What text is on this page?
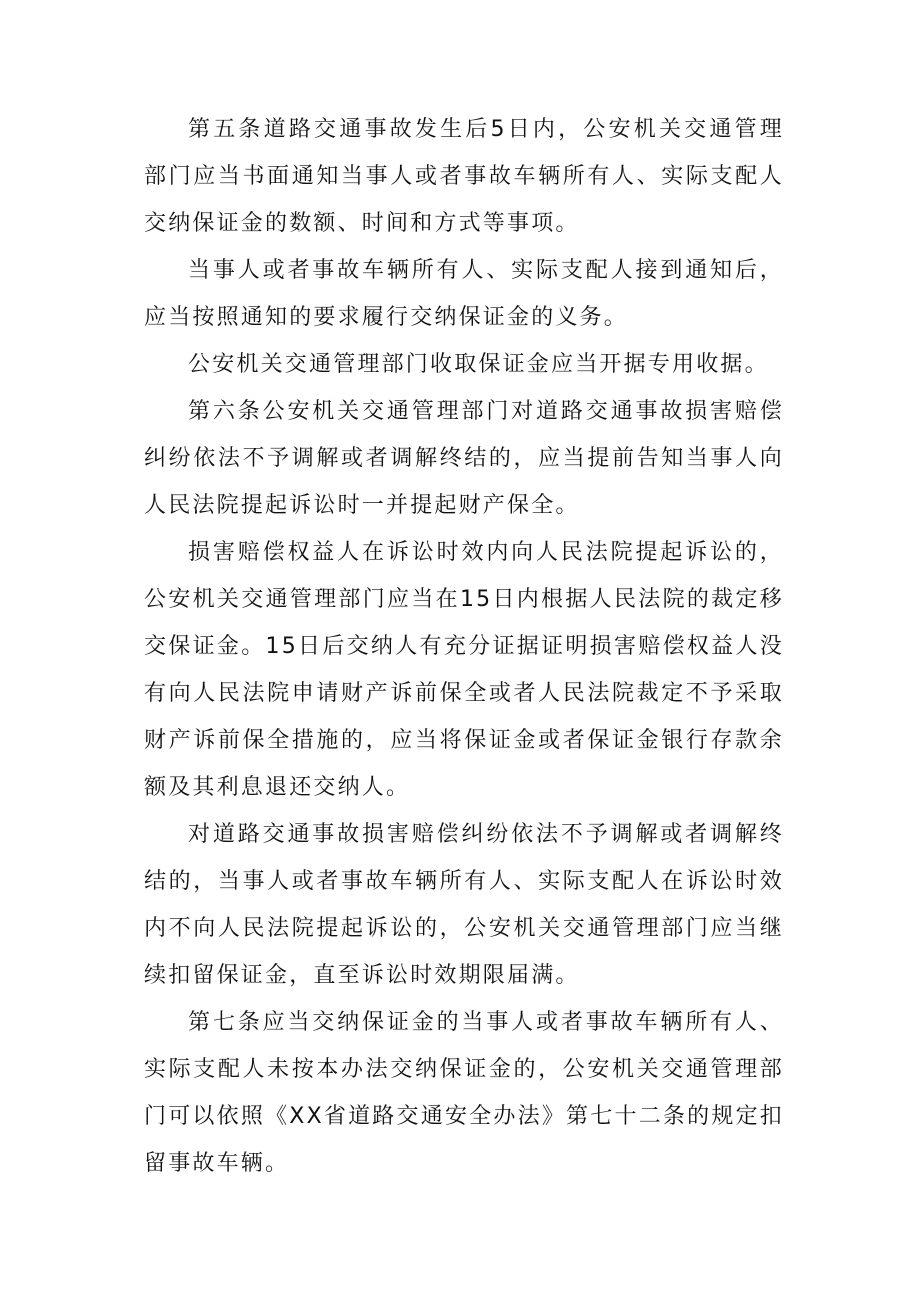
第五条道路交通事故发生后5日内，公安机关交通管理部门应当书面通知当事人或者事故车辆所有人、实际支配人交纳保证金的数额、时间和方式等事项。

当事人或者事故车辆所有人、实际支配人接到通知后，应当按照通知的要求履行交纳保证金的义务。

公安机关交通管理部门收取保证金应当开据专用收据。

第六条公安机关交通管理部门对道路交通事故损害赔偿纠纷依法不予调解或者调解终结的，应当提前告知当事人向人民法院提起诉讼时一并提起财产保全。

损害赔偿权益人在诉讼时效内向人民法院提起诉讼的，公安机关交通管理部门应当在15日内根据人民法院的裁定移交保证金。15日后交纳人有充分证据证明损害赔偿权益人没有向人民法院申请财产诉前保全或者人民法院裁定不予采取财产诉前保全措施的，应当将保证金或者保证金银行存款余额及其利息退还交纳人。

对道路交通事故损害赔偿纠纷依法不予调解或者调解终结的，当事人或者事故车辆所有人、实际支配人在诉讼时效内不向人民法院提起诉讼的，公安机关交通管理部门应当继续扣留保证金，直至诉讼时效期限届满。

第七条应当交纳保证金的当事人或者事故车辆所有人、实际支配人未按本办法交纳保证金的，公安机关交通管理部门可以依照《XX省道路交通安全办法》第七十二条的规定扣留事故车辆。
